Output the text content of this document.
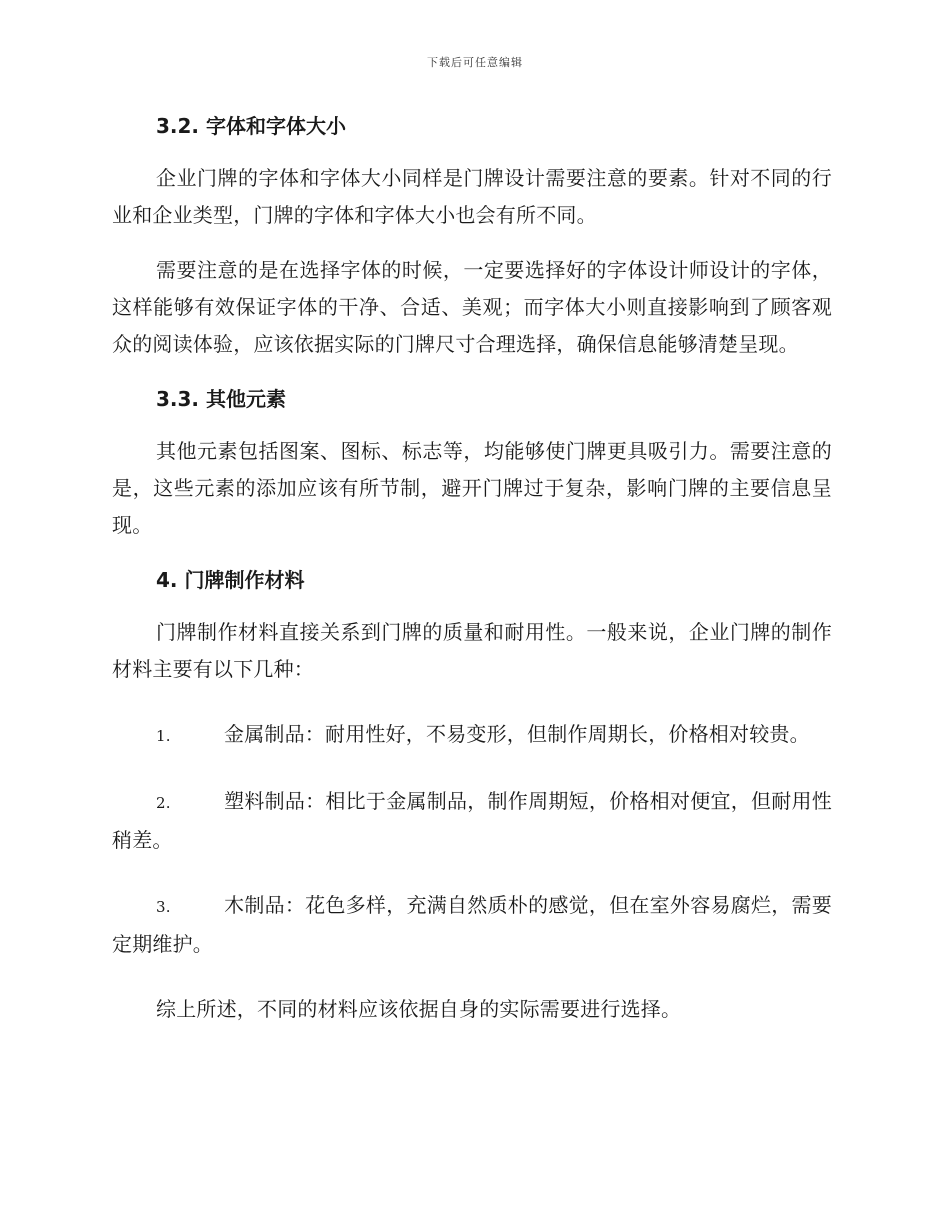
下载后可任意编辑
3.2. 字体和字体大小

企业门牌的字体和字体大小同样是门牌设计需要注意的要素。针对不同的行业和企业类型，门牌的字体和字体大小也会有所不同。

需要注意的是在选择字体的时候，一定要选择好的字体设计师设计的字体，这样能够有效保证字体的干净、合适、美观；而字体大小则直接影响到了顾客观众的阅读体验，应该依据实际的门牌尺寸合理选择，确保信息能够清楚呈现。

3.3. 其他元素

其他元素包括图案、图标、标志等，均能够使门牌更具吸引力。需要注意的是，这些元素的添加应该有所节制，避开门牌过于复杂，影响门牌的主要信息呈现。

4. 门牌制作材料

门牌制作材料直接关系到门牌的质量和耐用性。一般来说，企业门牌的制作材料主要有以下几种：

1.	金属制品：耐用性好，不易变形，但制作周期长，价格相对较贵。

2.	塑料制品：相比于金属制品，制作周期短，价格相对便宜，但耐用性稍差。

3.	木制品：花色多样，充满自然质朴的感觉，但在室外容易腐烂，需要定期维护。

综上所述，不同的材料应该依据自身的实际需要进行选择。
